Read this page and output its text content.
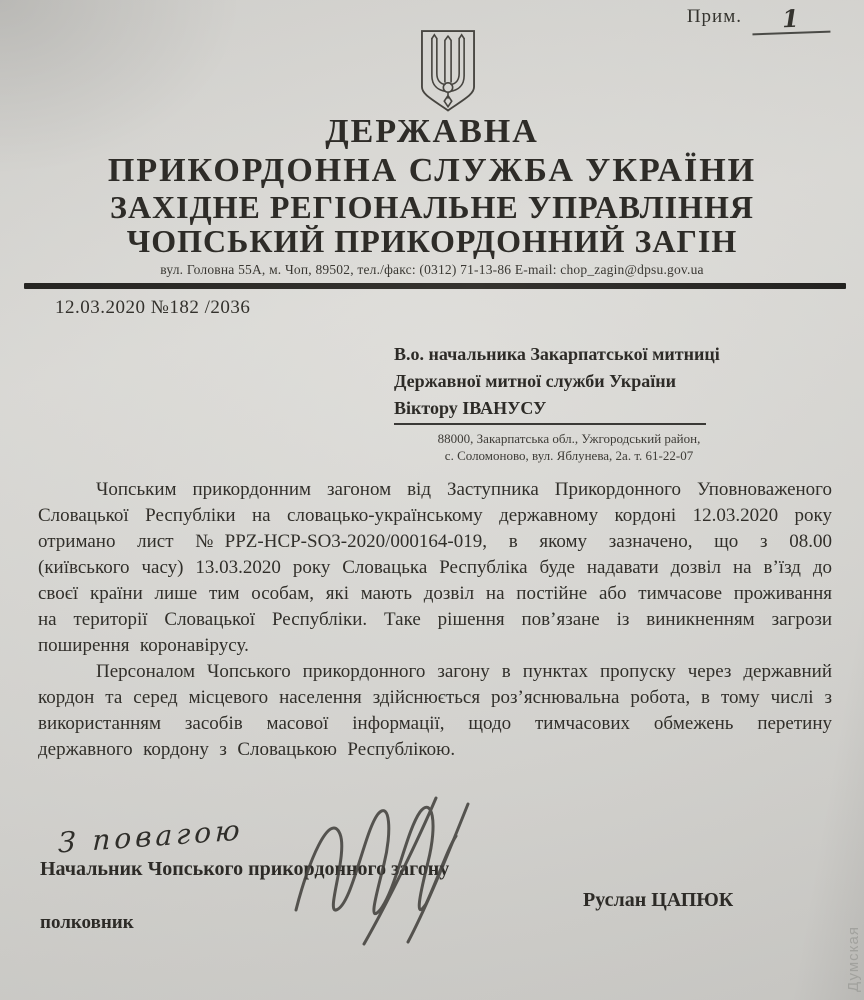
Прим.	1
ДЕРЖАВНА
ПРИКОРДОННА СЛУЖБА УКРАЇНИ
ЗАХІДНЕ РЕГІОНАЛЬНЕ УПРАВЛІННЯ
ЧОПСЬКИЙ ПРИКОРДОННИЙ ЗАГІН
вул. Головна 55А, м. Чоп, 89502, тел./факс: (0312) 71-13-86 E-mail: chop_zagin@dpsu.gov.ua
12.03.2020 №182 /2036
В.о. начальника Закарпатської митниці
Державної митної служби України
Віктору ІВАНУСУ
88000, Закарпатська обл., Ужгородський район,
с. Соломоново, вул. Яблунева, 2а. т. 61-22-07

Чопським прикордонним загоном від Заступника Прикордонного Уповноваженого Словацької Республіки на словацько-українському державному кордоні 12.03.2020 року отримано лист №PPZ-HCP-SO3-2020/000164-019, в якому зазначено, що з 08.00 (київського часу) 13.03.2020 року Словацька Республіка буде надавати дозвіл на в’їзд до своєї країни лише тим особам, які мають дозвіл на постійне або тимчасове проживання на території Словацької Республіки. Таке рішення пов’язане із виникненням загрози поширення коронавірусу.

Персоналом Чопського прикордонного загону в пунктах пропуску через державний кордон та серед місцевого населення здійснюється роз’яснювальна робота, в тому числі з використанням засобів масової інформації, щодо тимчасових обмежень перетину державного кордону з Словацькою Республікою.

З повагою
Начальник Чопського прикордонного загону
полковник
Руслан ЦАПЮК
Думская
